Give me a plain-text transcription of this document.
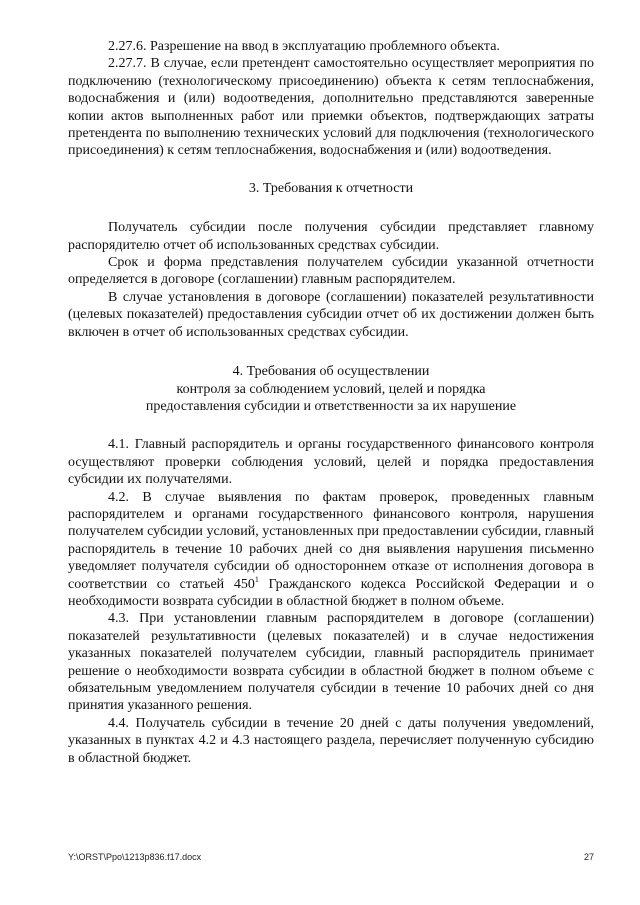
2.27.6. Разрешение на ввод в эксплуатацию проблемного объекта.

2.27.7. В случае, если претендент самостоятельно осуществляет мероприятия по подключению (технологическому присоединению) объекта к сетям теплоснабжения, водоснабжения и (или) водоотведения, дополнительно представляются заверенные копии актов выполненных работ или приемки объектов, подтверждающих затраты претендента по выполнению технических условий для подключения (технологического присоединения) к сетям теплоснабжения, водоснабжения и (или) водоотведения.

3. Требования к отчетности

Получатель субсидии после получения субсидии представляет главному распорядителю отчет об использованных средствах субсидии.

Срок и форма представления получателем субсидии указанной отчетности определяется в договоре (соглашении) главным распорядителем.

В случае установления в договоре (соглашении) показателей результативности (целевых показателей) предоставления субсидии отчет об их достижении должен быть включен в отчет об использованных средствах субсидии.

4. Требования об осуществлении
контроля за соблюдением условий, целей и порядка
предоставления субсидии и ответственности за их нарушение

4.1. Главный распорядитель и органы государственного финансового контроля осуществляют проверки соблюдения условий, целей и порядка предоставления субсидии их получателями.

4.2. В случае выявления по фактам проверок, проведенных главным распорядителем и органами государственного финансового контроля, нарушения получателем субсидии условий, установленных при предоставлении субсидии, главный распорядитель в течение 10 рабочих дней со дня выявления нарушения письменно уведомляет получателя субсидии об одностороннем отказе от исполнения договора в соответствии со статьей $450^1$ Гражданского кодекса Российской Федерации и о необходимости возврата субсидии в областной бюджет в полном объеме.

4.3. При установлении главным распорядителем в договоре (соглашении) показателей результативности (целевых показателей) и в случае недостижения указанных показателей получателем субсидии, главный распорядитель принимает решение о необходимости возврата субсидии в областной бюджет в полном объеме с обязательным уведомлением получателя субсидии в течение 10 рабочих дней со дня принятия указанного решения.

4.4. Получатель субсидии в течение 20 дней с даты получения уведомлений, указанных в пунктах 4.2 и 4.3 настоящего раздела, перечисляет полученную субсидию в областной бюджет.

Y:\ORST\Ppo\1213p836.f17.docx	27
